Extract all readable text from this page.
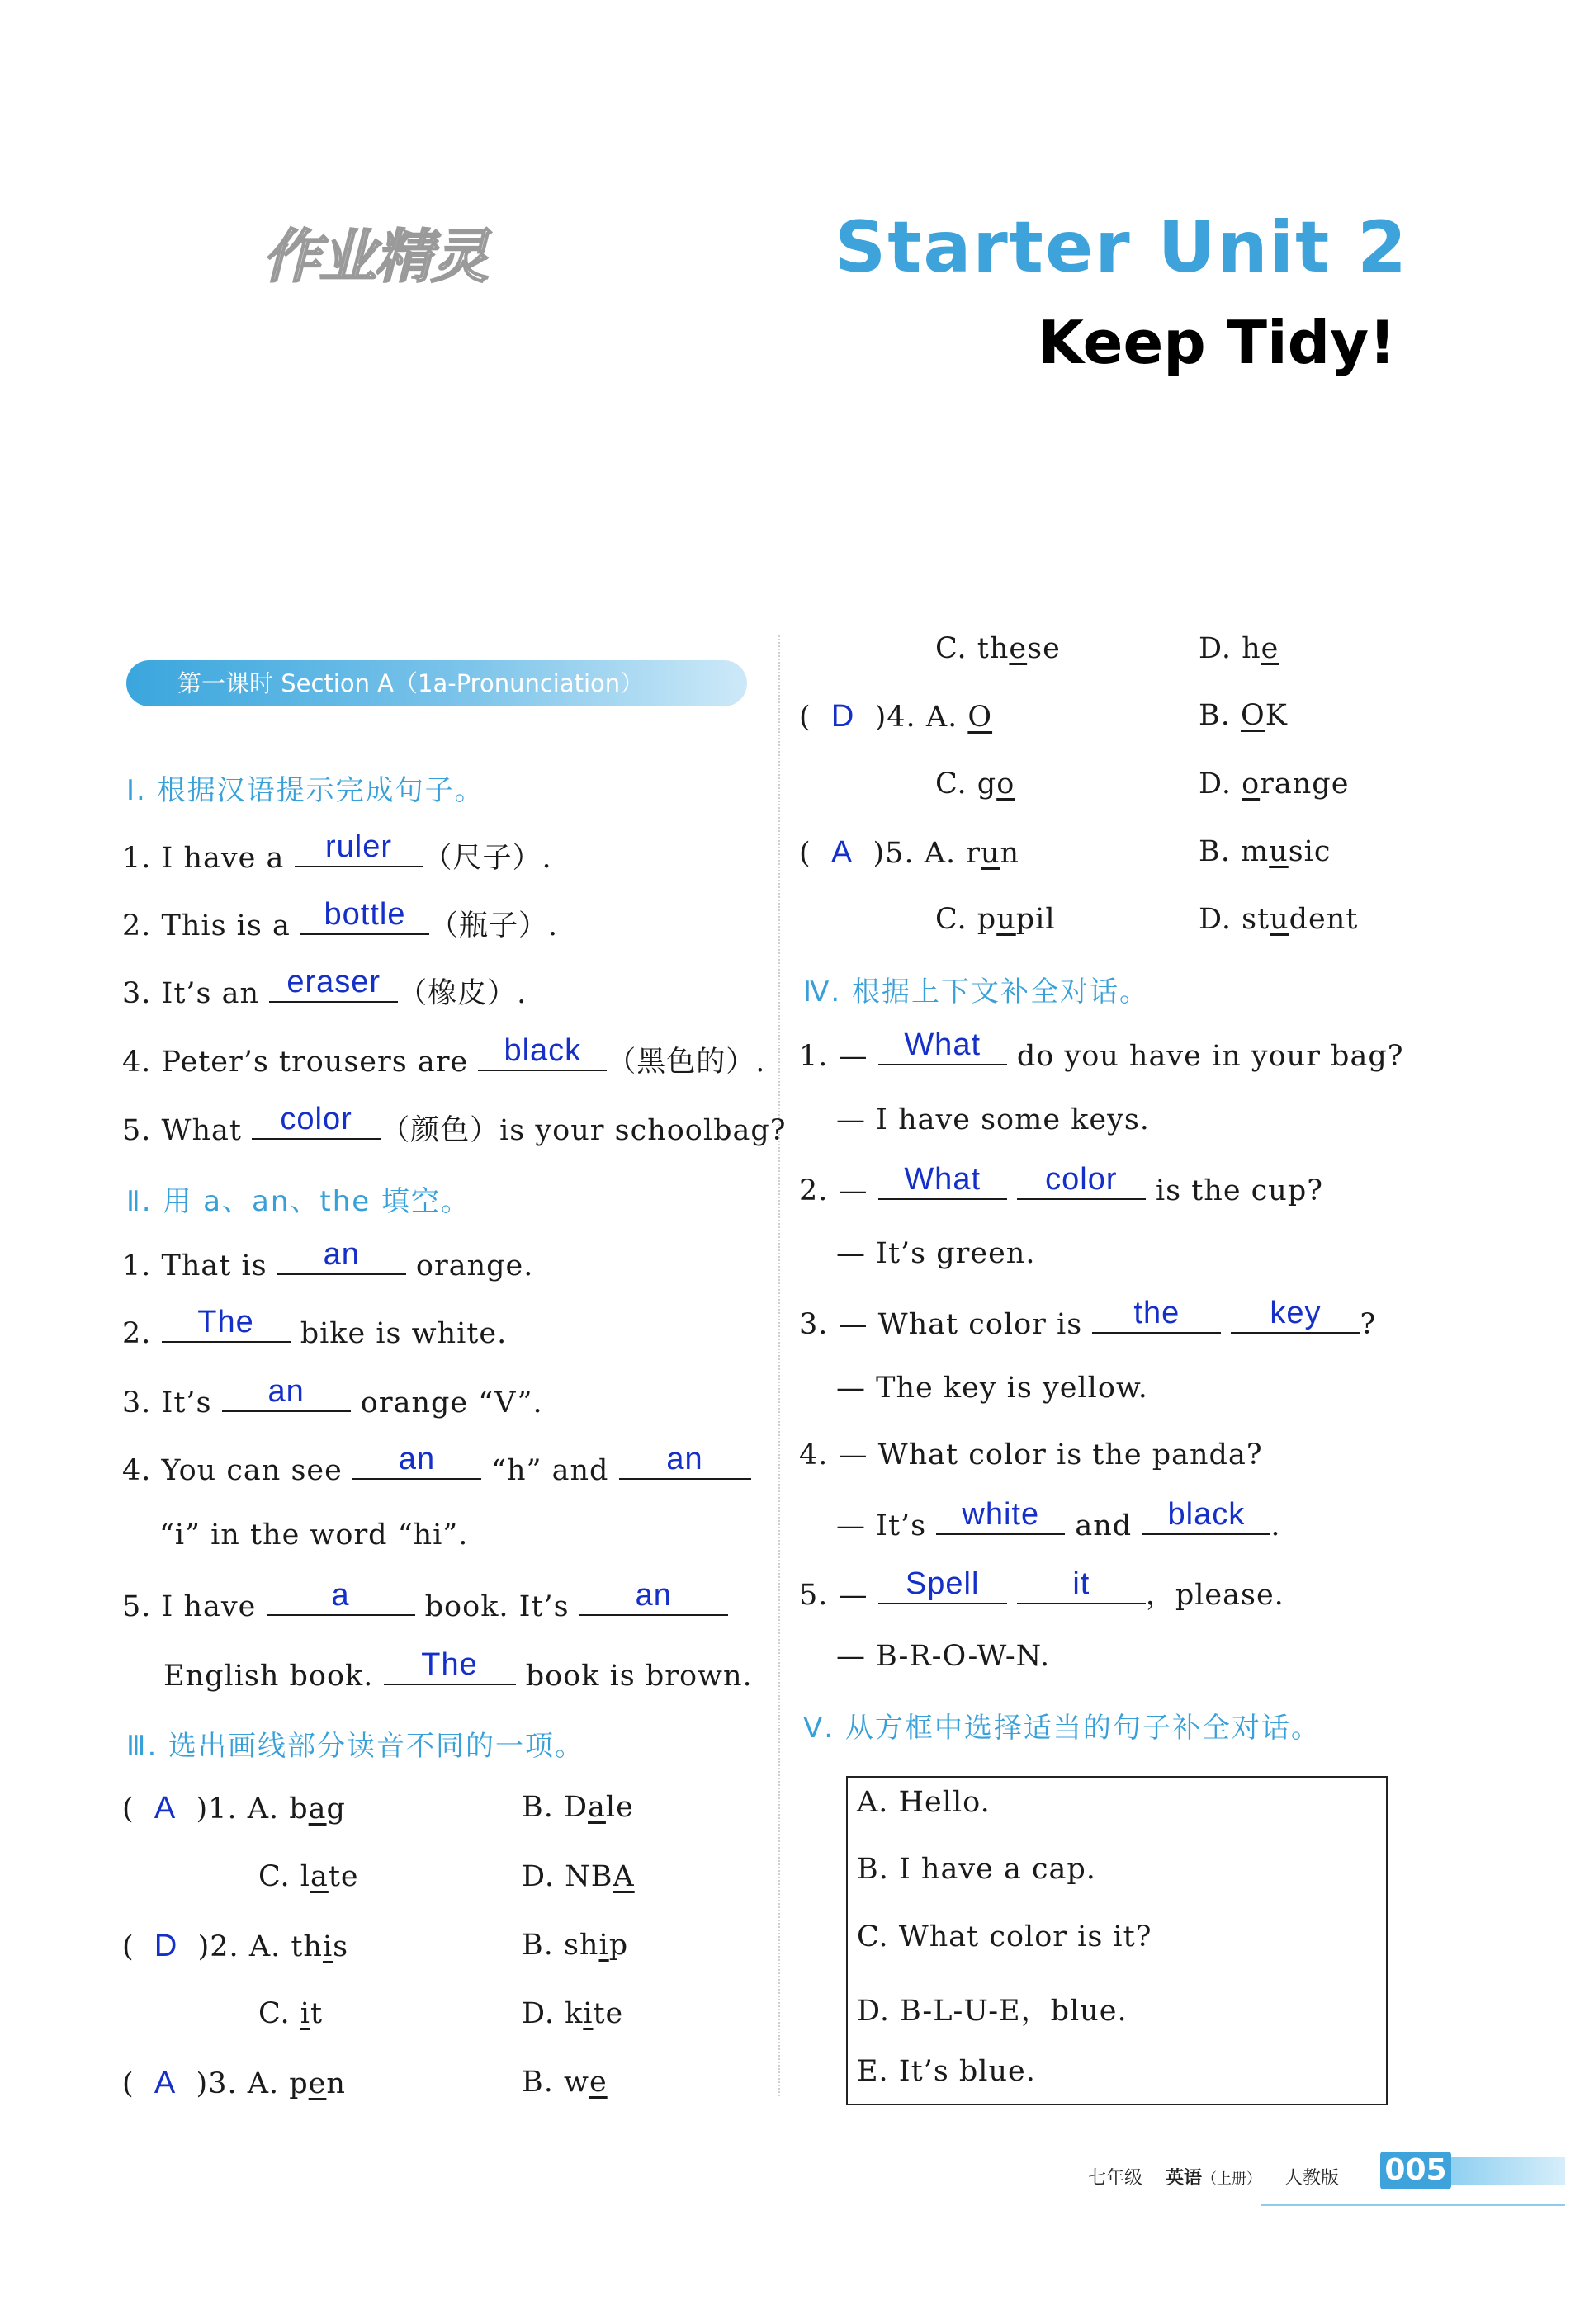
作业精灵	Starter Unit 2
Keep Tidy!
第一课时 Section A（1a-Pronunciation）
Ⅰ. 根据汉语提示完成句子。
1. I have a	ruler	（尺子）.
2. This is a	bottle （瓶子）.
3. It’s an eraser （橡皮）.
4. Peter’s trousers are	black （黑色的）.
5. What	color （颜色）is your schoolbag?
Ⅱ. 用 a、an、the 填空。
1. That is	an	orange.
2.	The	bike is white.
3. It’s	an	orange “V”.
4. You can see	an	“h” and	an
“i” in the word “hi”.
5. I have	a	book. It’s	an
English book.	The	book is brown.
Ⅲ. 选出画线部分读音不同的一项。
(  A )1. A. bag	B. Dale
C. late	D. NBA
(  D )2. A. this	B. ship
C. it	D. kite
(  A )3. A. pen	B. we
C. these	D. he
(  D )4. A. O	B. OK
C. go	D. orange
(  A )5. A. run	B. music
C. pupil	D. student
Ⅳ. 根据上下文补全对话。
1. —	What	do you have in your bag?
— I have some keys.
2. —	What
	color	is the cup?
— It’s green.
3. — What color is	the
	key	?
— The key is yellow.
4. — What color is the panda?
— It’s	white	and	black .
5. —	Spell
	it	，please.
— B-R-O-W-N.
Ⅴ. 从方框中选择适当的句子补全对话。
A. Hello.
B. I have a cap.
C. What color is it?
D. B-L-U-E，blue.
E. It’s blue.
七年级 英语（上册） 人教版 005
